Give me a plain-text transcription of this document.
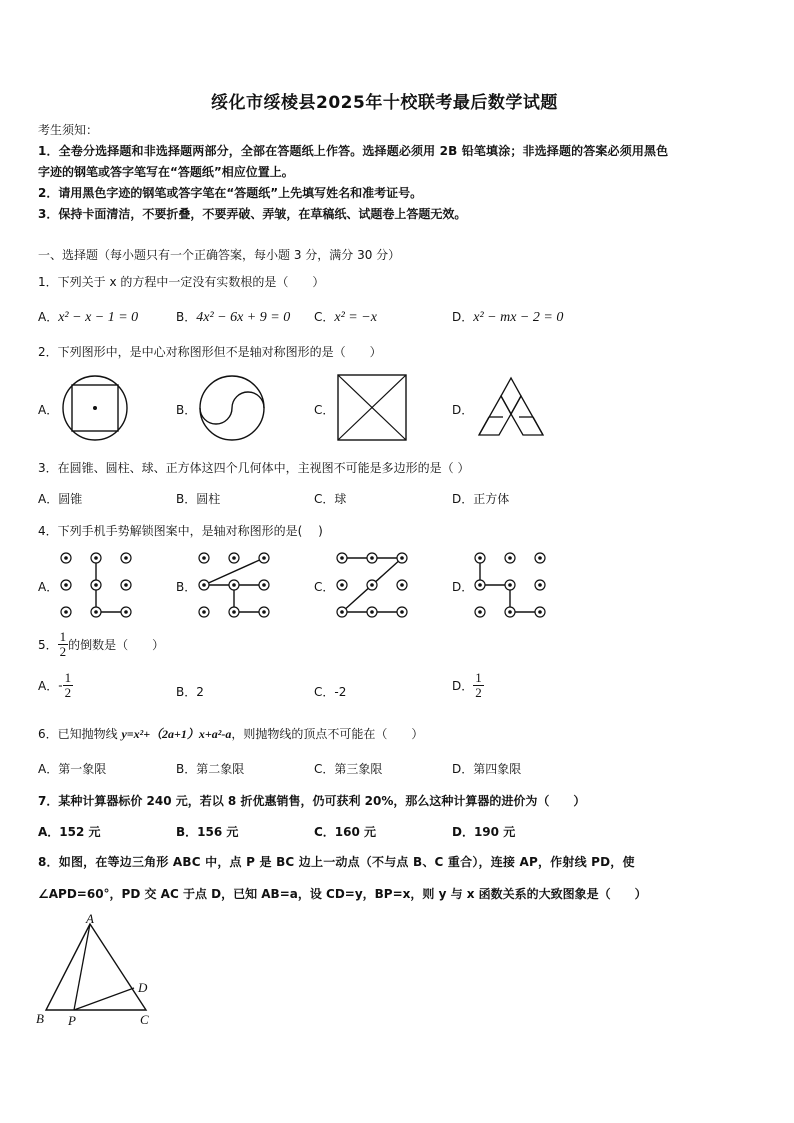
绥化市绥棱县2025年十校联考最后数学试题
考生须知：
1．全卷分选择题和非选择题两部分，全部在答题纸上作答。选择题必须用 2B 铅笔填涂；非选择题的答案必须用黑色
字迹的钢笔或答字笔写在“答题纸”相应位置上。
2．请用黑色字迹的钢笔或答字笔在“答题纸”上先填写姓名和准考证号。
3．保持卡面清洁，不要折叠，不要弄破、弄皱，在草稿纸、试题卷上答题无效。
一、选择题（每小题只有一个正确答案，每小题 3 分，满分 30 分）
1．下列关于 x 的方程中一定没有实数根的是（　　）
A．x² − x − 1 = 0	B．4x² − 6x + 9 = 0 C．x² = −x	D．x² − mx − 2 = 0
2．下列图形中，是中心对称图形但不是轴对称图形的是（　　）
A．	B．	C．	D．
3．在圆锥、圆柱、球、正方体这四个几何体中，主视图不可能是多边形的是（ ）
A．圆锥	B．圆柱	C．球	D．正方体
4．下列手机手势解锁图案中，是轴对称图形的是(　 )
A．	B．	C．	D．
5． $\frac{1}{2}$ 的倒数是（　　）
A．- $\frac{1}{2}$	B．2	C．-2	D． $\frac{1}{2}$
6．已知抛物线 y=x²+（2a+1）x+a²-a，则抛物线的顶点不可能在（　　）
A．第一象限	B．第二象限	C．第三象限	D．第四象限
7．某种计算器标价 240 元，若以 8 折优惠销售，仍可获利 20%，那么这种计算器的进价为（　　）
A．152 元	B．156 元	C．160 元	D．190 元
8．如图，在等边三角形 ABC 中，点 P 是 BC 边上一动点（不与点 B、C 重合），连接 AP，作射线 PD，使
∠APD=60°，PD 交 AC 于点 D，已知 AB=a，设 CD=y，BP=x，则 y 与 x 函数关系的大致图象是（　　）
A
B	C
D
P
